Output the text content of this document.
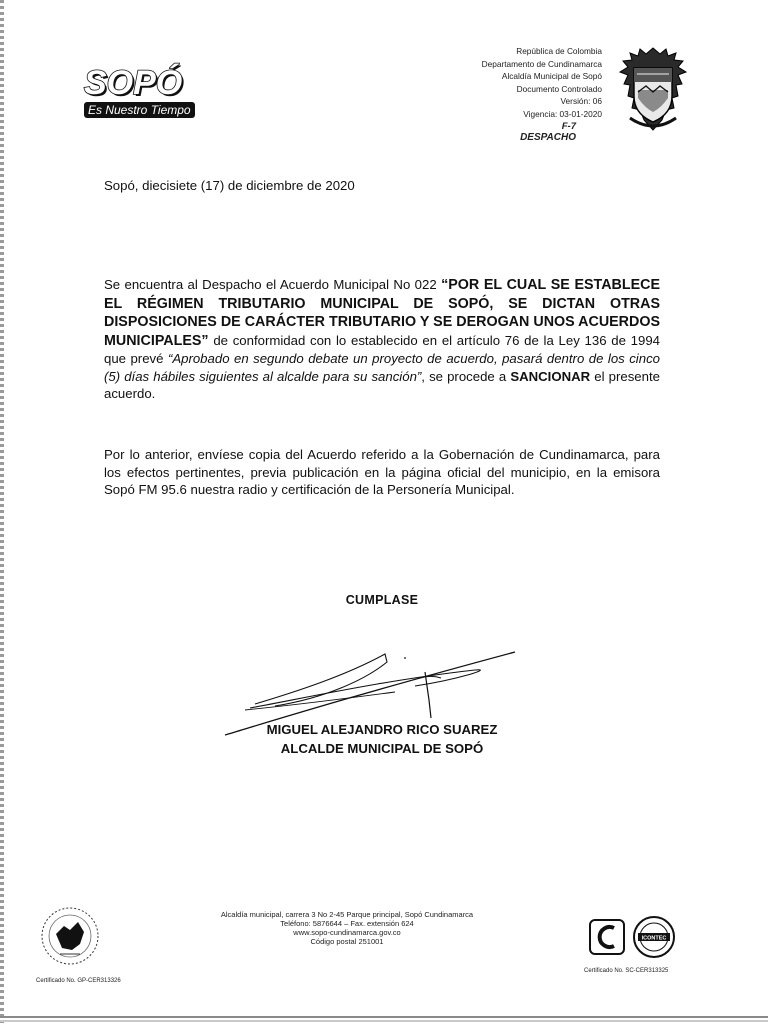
SOPÓ
Es Nuestro Tiempo
República de Colombia
Departamento de Cundinamarca
Alcaldía Municipal de Sopó
Documento Controlado
Versión: 06
Vigencia: 03-01-2020
F-7
DESPACHO
Sopó, diecisiete (17) de diciembre de 2020
Se encuentra al Despacho el Acuerdo Municipal No 022 “POR EL CUAL SE ESTABLECE EL RÉGIMEN TRIBUTARIO MUNICIPAL DE SOPÓ, SE DICTAN OTRAS DISPOSICIONES DE CARÁCTER TRIBUTARIO Y SE DEROGAN UNOS ACUERDOS MUNICIPALES” de conformidad con lo establecido en el artículo 76 de la Ley 136 de 1994 que prevé “Aprobado en segundo debate un proyecto de acuerdo, pasará dentro de los cinco (5) días hábiles siguientes al alcalde para su sanción”, se procede a SANCIONAR el presente acuerdo.
Por lo anterior, envíese copia del Acuerdo referido a la Gobernación de Cundinamarca, para los efectos pertinentes, previa publicación en la página oficial del municipio, en la emisora Sopó FM 95.6 nuestra radio y certificación de la Personería Municipal.
CUMPLASE
MIGUEL ALEJANDRO RICO SUAREZ
ALCALDE MUNICIPAL DE SOPÓ
Certificado No. GP-CER313326
Alcaldía municipal, carrera 3 No 2-45 Parque principal, Sopó Cundinamarca
Teléfono: 5876644 – Fax. extensión 624
www.sopo-cundinamarca.gov.co
Código postal 251001	ICONTEC
Certificado No. SC-CER313325
